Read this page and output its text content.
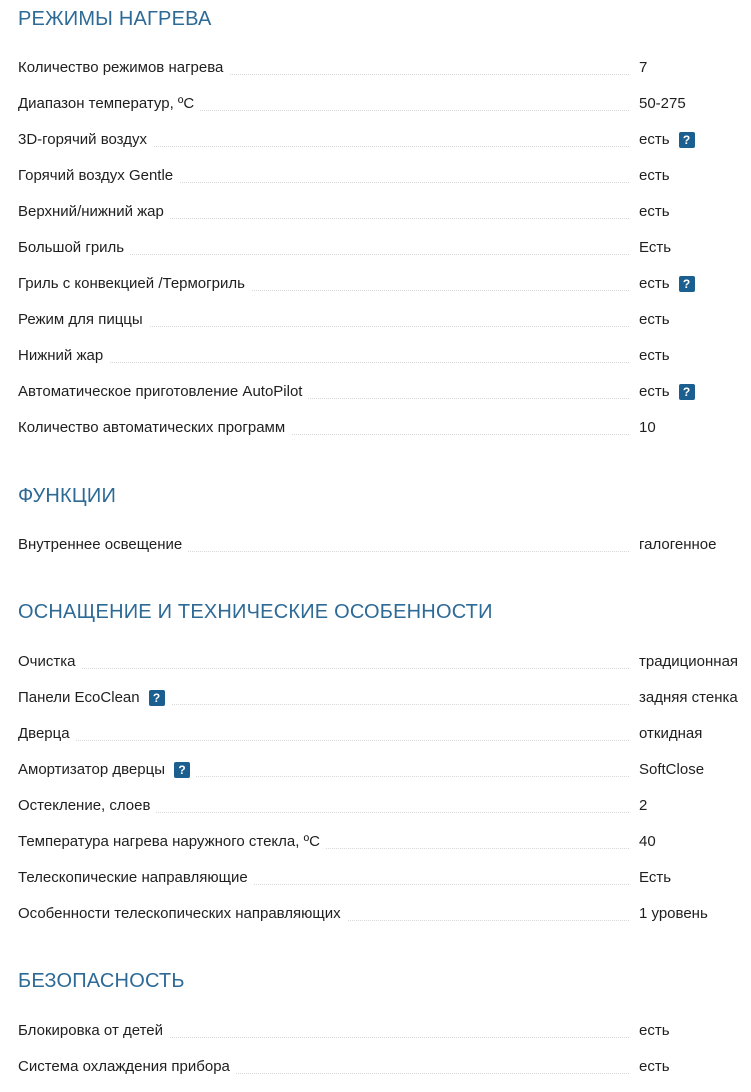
РЕЖИМЫ НАГРЕВА
Количество режимов нагрева	7
Диапазон температур, ºС	50-275
3D-горячий воздух	есть	?
Горячий воздух Gentle	есть
Верхний/нижний жар	есть
Большой гриль	Есть
Гриль с конвекцией /Термогриль	есть	?
Режим для пиццы	есть
Нижний жар	есть
Автоматическое приготовление AutoPilot	есть	?
Количество автоматических программ	10
ФУНКЦИИ
Внутреннее освещение	галогенное
ОСНАЩЕНИЕ И ТЕХНИЧЕСКИЕ ОСОБЕННОСТИ
Очистка	традиционная
Панели EcoClean	?	задняя стенка
Дверца	откидная
Амортизатор дверцы	?	SoftClose
Остекление, слоев	2
Температура нагрева наружного стекла, ºС	40
Телескопические направляющие	Есть
Особенности телескопических направляющих	1 уровень
БЕЗОПАСНОСТЬ
Блокировка от детей	есть
Система охлаждения прибора	есть
